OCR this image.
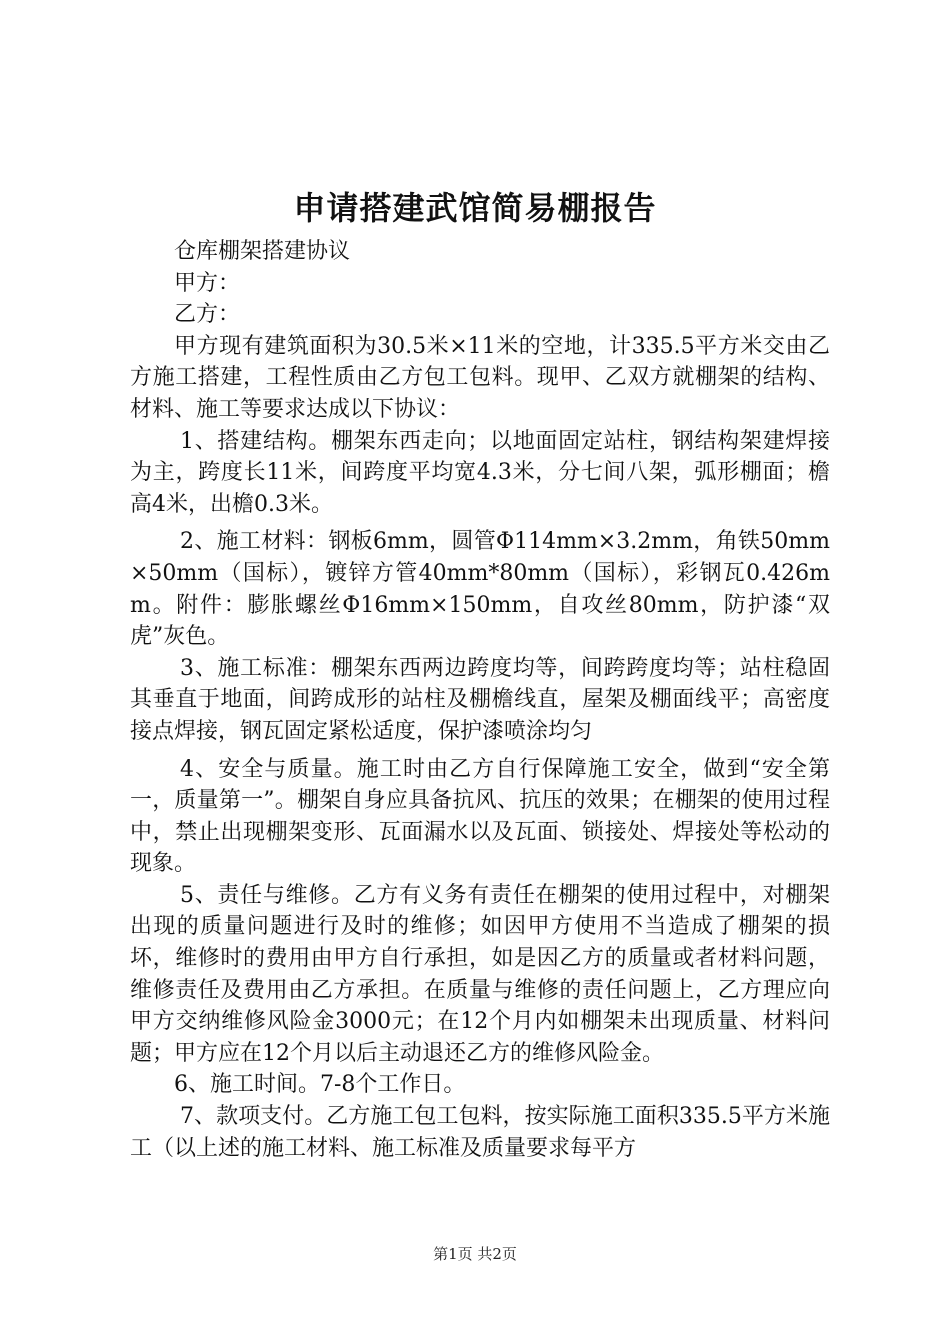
申请搭建武馆简易棚报告

仓库棚架搭建协议

甲方：

乙方：

甲方现有建筑面积为30.5米×11米的空地，计335.5平方米交由乙方施工搭建，工程性质由乙方包工包料。现甲、乙双方就棚架的结构、材料、施工等要求达成以下协议：

1、搭建结构。棚架东西走向；以地面固定站柱，钢结构架建焊接为主，跨度长11米，间跨度平均宽4.3米，分七间八架，弧形棚面；檐高4米，出檐0.3米。

2、施工材料：钢板6mm，圆管Φ114mm×3.2mm，角铁50mm×50mm（国标），镀锌方管40mm*80mm（国标），彩钢瓦0.426mm。附件：膨胀螺丝Φ16mm×150mm，自攻丝80mm，防护漆“双虎”灰色。

3、施工标准：棚架东西两边跨度均等，间跨跨度均等；站柱稳固其垂直于地面，间跨成形的站柱及棚檐线直，屋架及棚面线平；高密度接点焊接，钢瓦固定紧松适度，保护漆喷涂均匀

4、安全与质量。施工时由乙方自行保障施工安全，做到“安全第一，质量第一”。棚架自身应具备抗风、抗压的效果；在棚架的使用过程中，禁止出现棚架变形、瓦面漏水以及瓦面、锁接处、焊接处等松动的现象。

5、责任与维修。乙方有义务有责任在棚架的使用过程中，对棚架出现的质量问题进行及时的维修；如因甲方使用不当造成了棚架的损坏，维修时的费用由甲方自行承担，如是因乙方的质量或者材料问题，维修责任及费用由乙方承担。在质量与维修的责任问题上，乙方理应向甲方交纳维修风险金3000元；在12个月内如棚架未出现质量、材料问题；甲方应在12个月以后主动退还乙方的维修风险金。

6、施工时间。7-8个工作日。

7、款项支付。乙方施工包工包料，按实际施工面积335.5平方米施工（以上述的施工材料、施工标准及质量要求每平方

第1页 共2页
